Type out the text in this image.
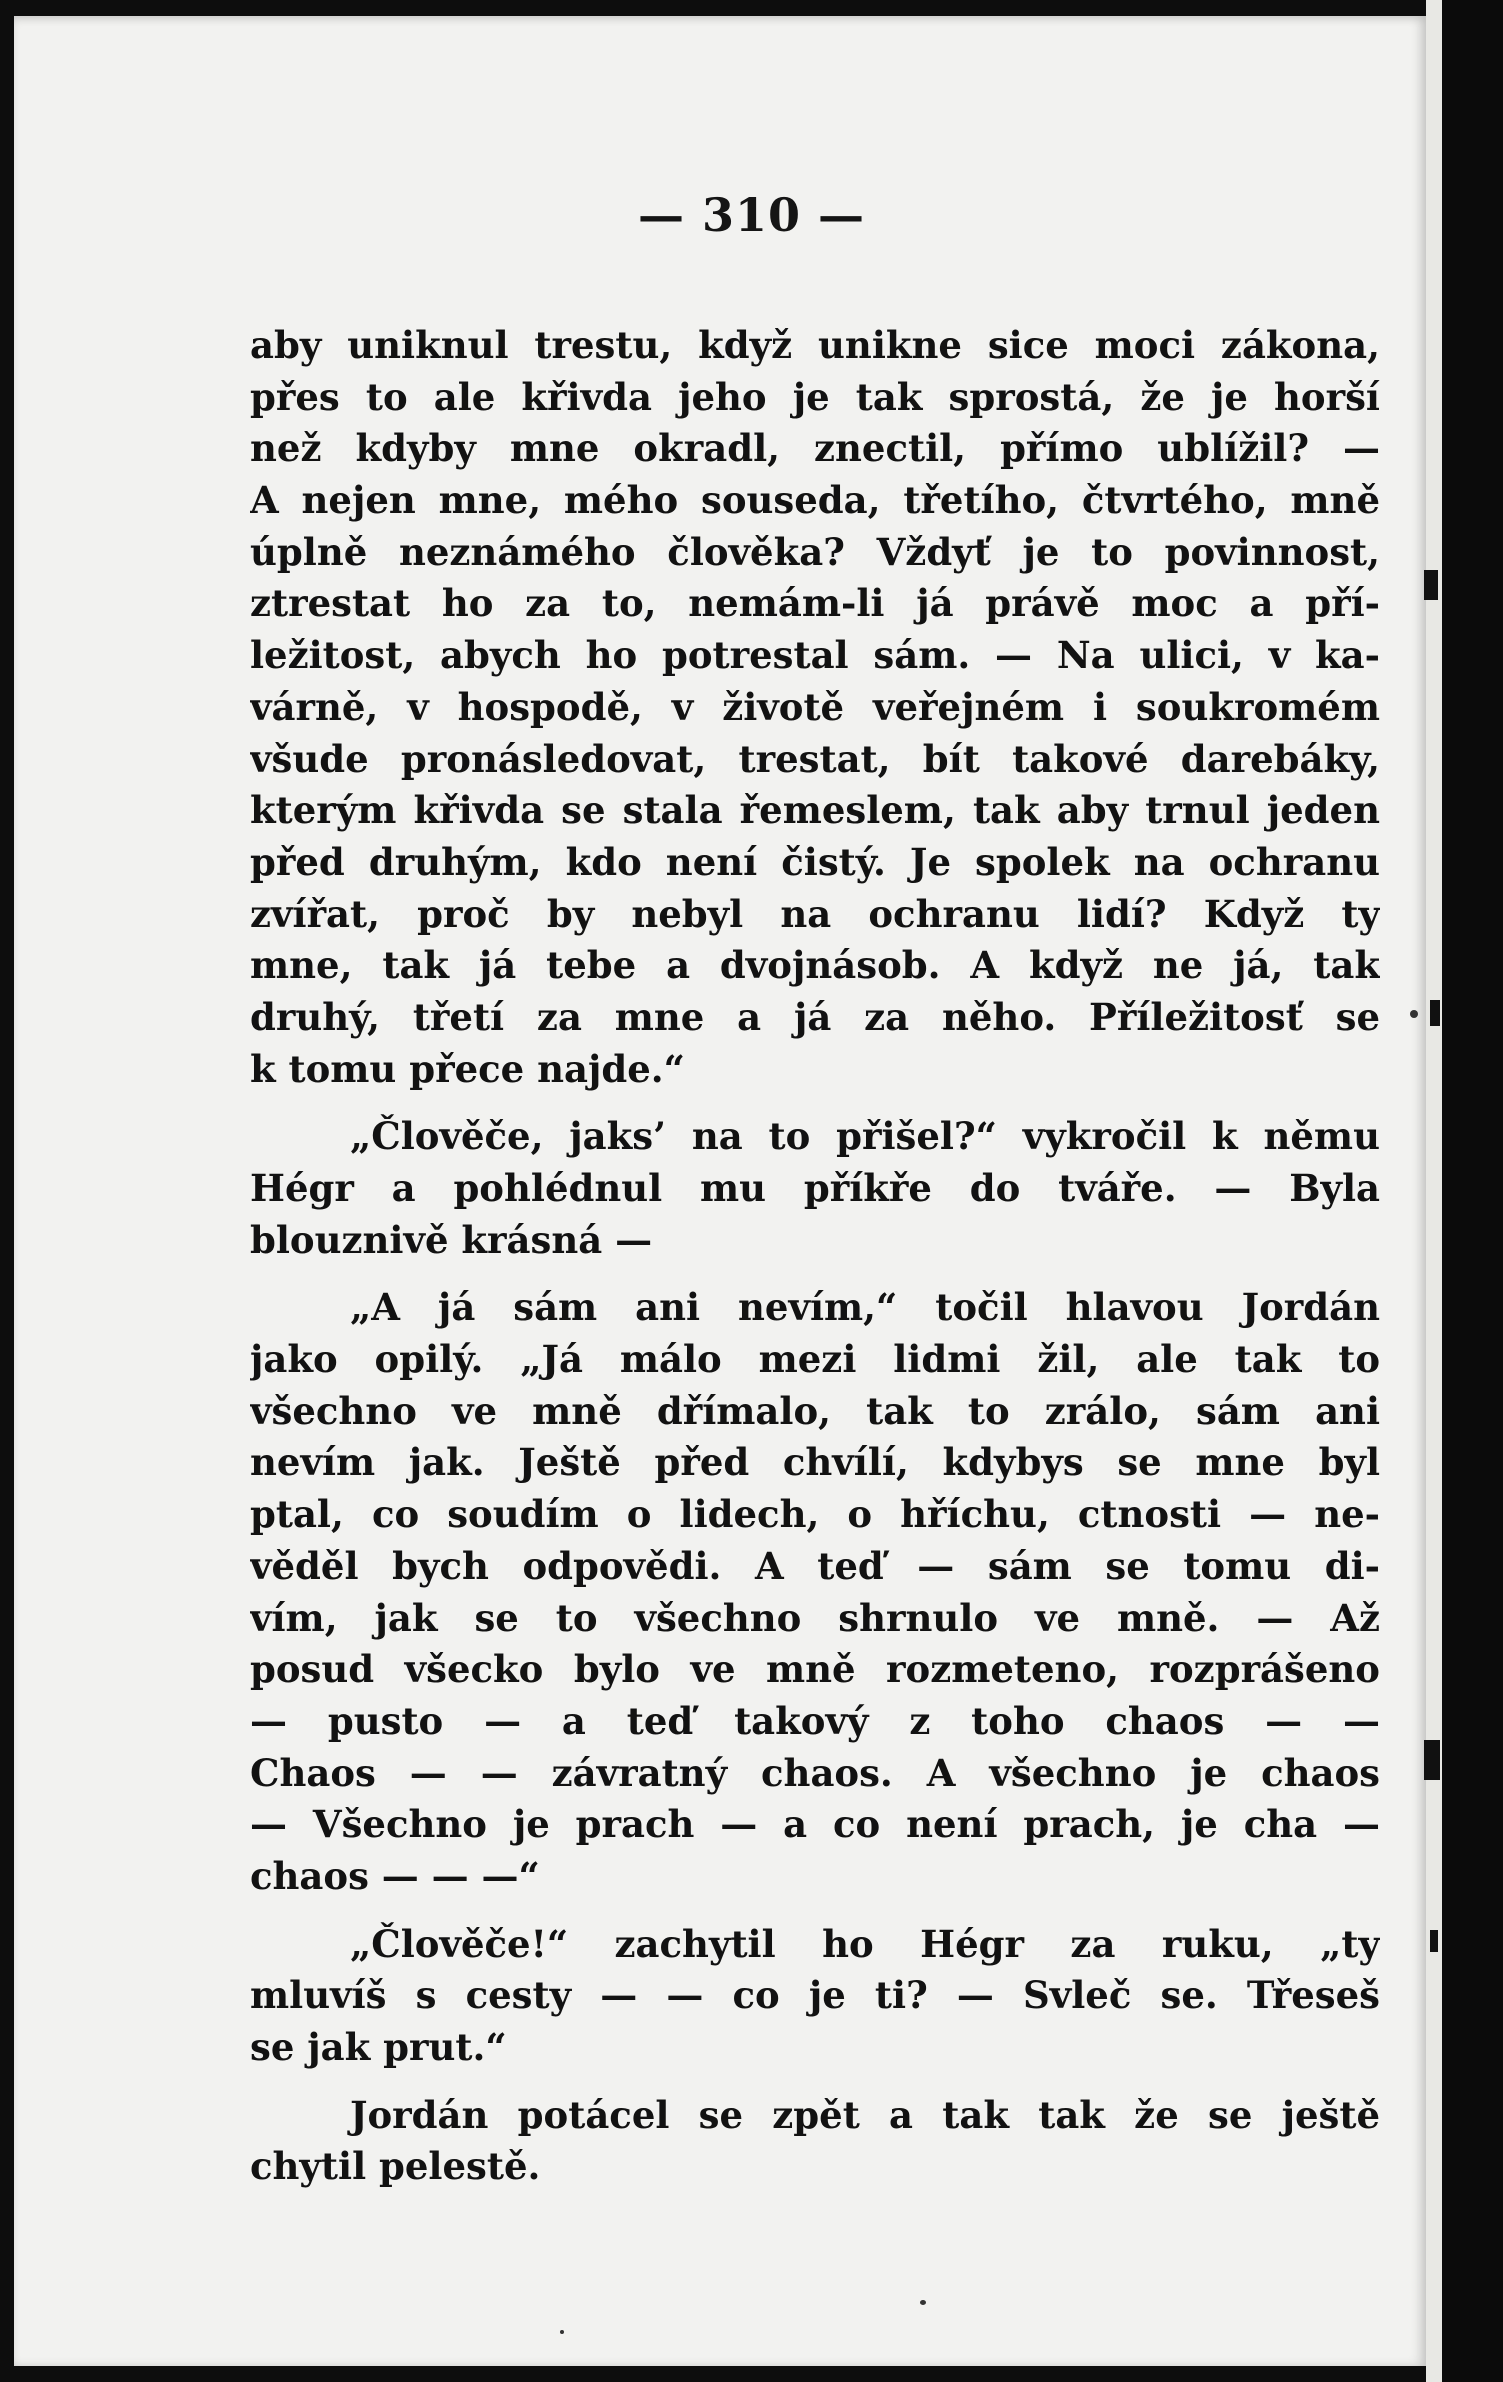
— 310 —
aby uniknul trestu, když unikne sice moci zákona,
přes to ale křivda jeho je tak sprostá, že je horší
než kdyby mne okradl, znectil, přímo ublížil? —
A nejen mne, mého souseda, třetího, čtvrtého, mně
úplně neznámého člověka? Vždyť je to povinnost,
ztrestat ho za to, nemám-li já právě moc a pří-
ležitost, abych ho potrestal sám. — Na ulici, v ka-
várně, v hospodě, v životě veřejném i soukromém
všude pronásledovat, trestat, bít takové darebáky,
kterým křivda se stala řemeslem, tak aby trnul jeden
před druhým, kdo není čistý. Je spolek na ochranu
zvířat, proč by nebyl na ochranu lidí? Když ty
mne, tak já tebe a dvojnásob. A když ne já, tak
druhý, třetí za mne a já za něho. Příležitosť se
k tomu přece najde.“
„Člověče, jaks’ na to přišel?“ vykročil k němu
Hégr a pohlédnul mu příkře do tváře. — Byla
blouznivě krásná —
„A já sám ani nevím,“ točil hlavou Jordán
jako opilý. „Já málo mezi lidmi žil, ale tak to
všechno ve mně dřímalo, tak to zrálo, sám ani
nevím jak. Ještě před chvílí, kdybys se mne byl
ptal, co soudím o lidech, o hříchu, ctnosti — ne-
věděl bych odpovědi. A teď — sám se tomu di-
vím, jak se to všechno shrnulo ve mně. — Až
posud všecko bylo ve mně rozmeteno, rozprášeno
— pusto — a teď takový z toho chaos — —
Chaos — — závratný chaos. A všechno je chaos
— Všechno je prach — a co není prach, je cha —
chaos — — —“
„Člověče!“ zachytil ho Hégr za ruku, „ty
mluvíš s cesty — — co je ti? — Svleč se. Třeseš
se jak prut.“
Jordán potácel se zpět a tak tak že se ještě
chytil pelestě.
